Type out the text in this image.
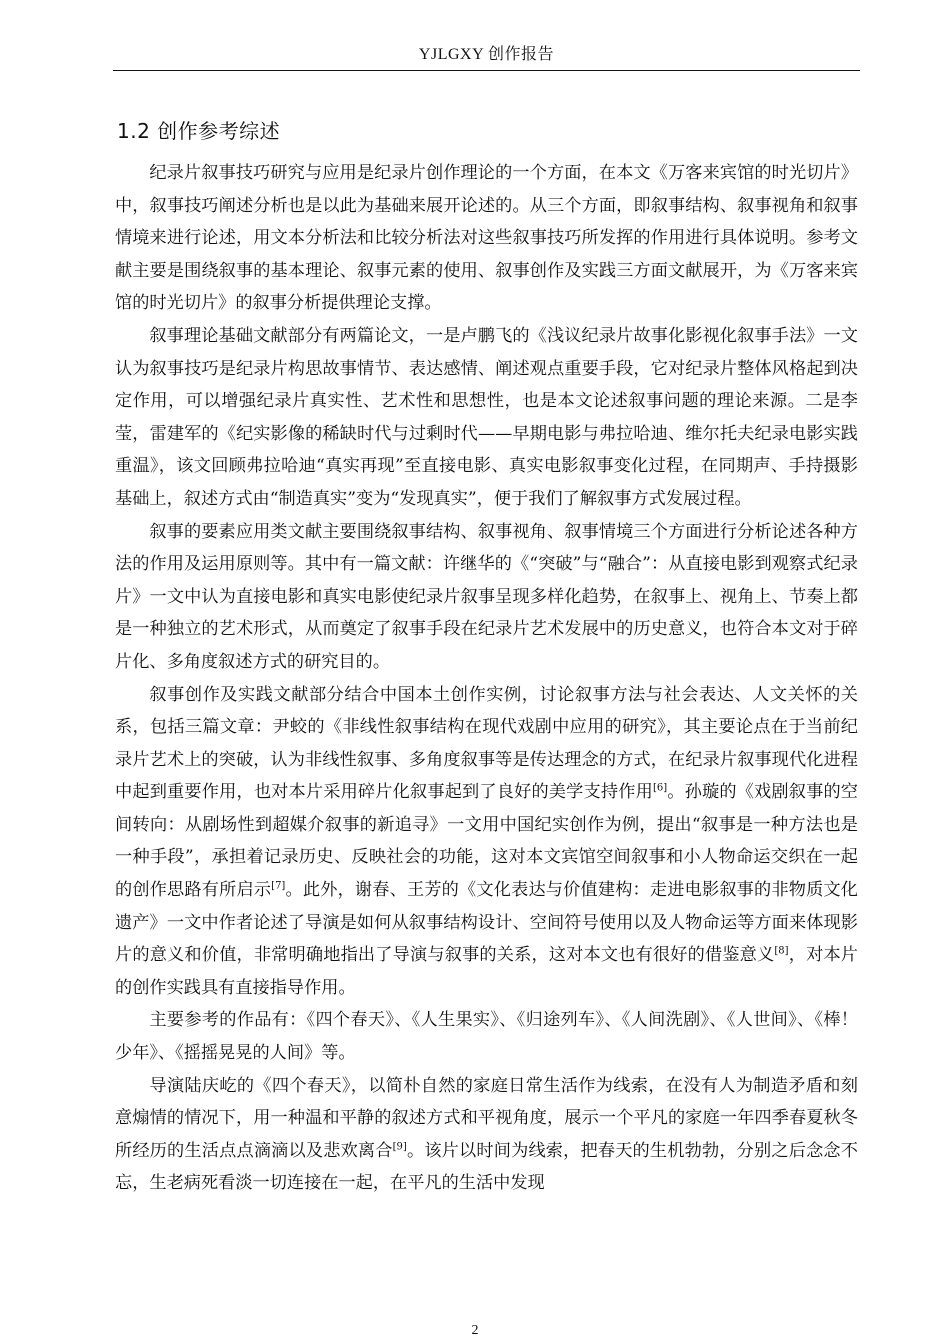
YJLGXY 创作报告
1.2 创作参考综述

纪录片叙事技巧研究与应用是纪录片创作理论的一个方面，在本文《万客来宾馆的时光切片》中，叙事技巧阐述分析也是以此为基础来展开论述的。从三个方面，即叙事结构、叙事视角和叙事情境来进行论述，用文本分析法和比较分析法对这些叙事技巧所发挥的作用进行具体说明。参考文献主要是围绕叙事的基本理论、叙事元素的使用、叙事创作及实践三方面文献展开，为《万客来宾馆的时光切片》的叙事分析提供理论支撑。

叙事理论基础文献部分有两篇论文，一是卢鹏飞的《浅议纪录片故事化影视化叙事手法》一文认为叙事技巧是纪录片构思故事情节、表达感情、阐述观点重要手段，它对纪录片整体风格起到决定作用，可以增强纪录片真实性、艺术性和思想性，也是本文论述叙事问题的理论来源。二是李莹，雷建军的《纪实影像的稀缺时代与过剩时代——早期电影与弗拉哈迪、维尔托夫纪录电影实践重温》，该文回顾弗拉哈迪“真实再现”至直接电影、真实电影叙事变化过程，在同期声、手持摄影基础上，叙述方式由“制造真实”变为“发现真实”，便于我们了解叙事方式发展过程。

叙事的要素应用类文献主要围绕叙事结构、叙事视角、叙事情境三个方面进行分析论述各种方法的作用及运用原则等。其中有一篇文献：许继华的《“突破”与“融合”：从直接电影到观察式纪录片》一文中认为直接电影和真实电影使纪录片叙事呈现多样化趋势，在叙事上、视角上、节奏上都是一种独立的艺术形式，从而奠定了叙事手段在纪录片艺术发展中的历史意义，也符合本文对于碎片化、多角度叙述方式的研究目的。

叙事创作及实践文献部分结合中国本土创作实例，讨论叙事方法与社会表达、人文关怀的关系，包括三篇文章：尹蛟的《非线性叙事结构在现代戏剧中应用的研究》，其主要论点在于当前纪录片艺术上的突破，认为非线性叙事、多角度叙事等是传达理念的方式，在纪录片叙事现代化进程中起到重要作用，也对本片采用碎片化叙事起到了良好的美学支持作用[6]。孙璇的《戏剧叙事的空间转向：从剧场性到超媒介叙事的新追寻》一文用中国纪实创作为例，提出“叙事是一种方法也是一种手段”，承担着记录历史、反映社会的功能，这对本文宾馆空间叙事和小人物命运交织在一起的创作思路有所启示[7]。此外，谢春、王芳的《文化表达与价值建构：走进电影叙事的非物质文化遗产》一文中作者论述了导演是如何从叙事结构设计、空间符号使用以及人物命运等方面来体现影片的意义和价值，非常明确地指出了导演与叙事的关系，这对本文也有很好的借鉴意义[8]，对本片的创作实践具有直接指导作用。

主要参考的作品有：《四个春天》、《人生果实》、《归途列车》、《人间洗剧》、《人世间》、《棒！少年》、《摇摇晃晃的人间》等。

导演陆庆屹的《四个春天》，以简朴自然的家庭日常生活作为线索，在没有人为制造矛盾和刻意煽情的情况下，用一种温和平静的叙述方式和平视角度，展示一个平凡的家庭一年四季春夏秋冬所经历的生活点点滴滴以及悲欢离合[9]。该片以时间为线索，把春天的生机勃勃，分别之后念念不忘，生老病死看淡一切连接在一起，在平凡的生活中发现

2
